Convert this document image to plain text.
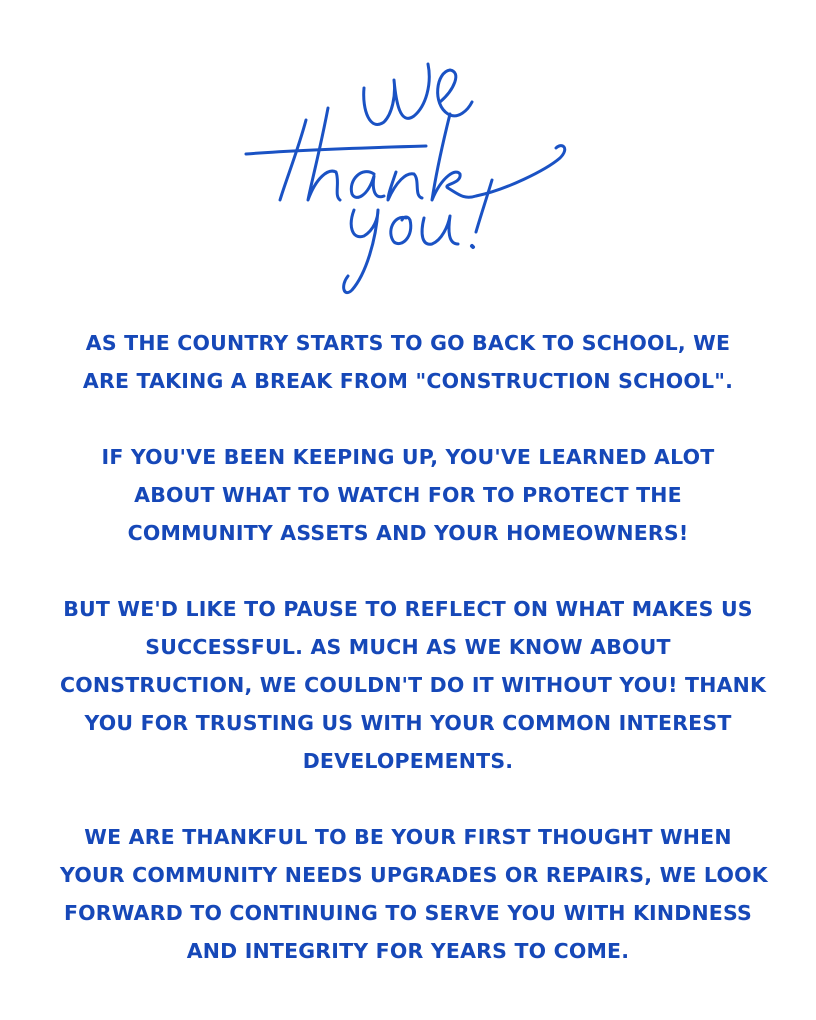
AS THE COUNTRY STARTS TO GO BACK TO SCHOOL, WE
ARE TAKING A BREAK FROM "CONSTRUCTION SCHOOL".

IF YOU'VE BEEN KEEPING UP, YOU'VE LEARNED ALOT
ABOUT WHAT TO WATCH FOR TO PROTECT THE
COMMUNITY ASSETS AND YOUR HOMEOWNERS!

BUT WE'D LIKE TO PAUSE TO REFLECT ON WHAT MAKES US
SUCCESSFUL. AS MUCH AS WE KNOW ABOUT
CONSTRUCTION, WE COULDN'T DO IT WITHOUT YOU! THANK
YOU FOR TRUSTING US WITH YOUR COMMON INTEREST
DEVELOPEMENTS.

WE ARE THANKFUL TO BE YOUR FIRST THOUGHT WHEN
YOUR COMMUNITY NEEDS UPGRADES OR REPAIRS, WE LOOK
FORWARD TO CONTINUING TO SERVE YOU WITH KINDNESS
AND INTEGRITY FOR YEARS TO COME.
